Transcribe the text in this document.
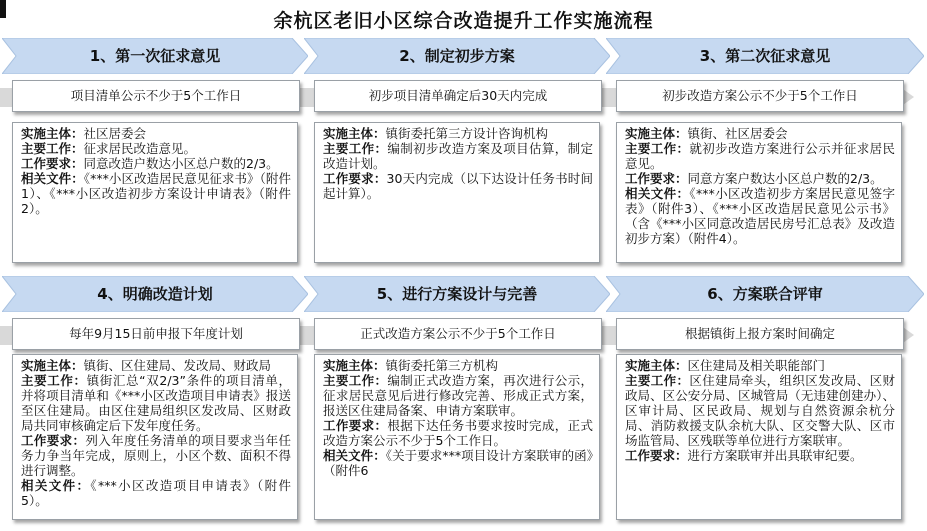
余杭区老旧小区综合改造提升工作实施流程
1、第一次征求意见	2、制定初步方案	3、第二次征求意见
项目清单公示不少于5个工作日	初步项目清单确定后30天内完成	初步改造方案公示不少于5个工作日

实施主体：社区居委会

主要工作：征求居民改造意见。

工作要求：同意改造户数达小区总户数的2/3。

相关文件：《***小区改造居民意见征求书》（附件1）、《***小区改造初步方案设计申请表》（附件2）。

实施主体：镇街委托第三方设计咨询机构

主要工作：编制初步改造方案及项目估算，制定改造计划。

工作要求：30天内完成（以下达设计任务书时间起计算）。

实施主体：镇街、社区居委会

主要工作：就初步改造方案进行公示并征求居民意见。

工作要求：同意方案户数达小区总户数的2/3。

相关文件：《***小区改造初步方案居民意见签字表》（附件3）、《***小区改造居民意见公示书》（含《***小区同意改造居民房号汇总表》及改造初步方案）（附件4）。

4、明确改造计划	5、进行方案设计与完善	6、方案联合评审
每年9月15日前申报下年度计划	正式改造方案公示不少于5个工作日	根据镇街上报方案时间确定

实施主体：镇街、区住建局、发改局、财政局

主要工作：镇街汇总“双2/3”条件的项目清单，并将项目清单和《***小区改造项目申请表》报送至区住建局。由区住建局组织区发改局、区财政局共同审核确定后下发年度任务。

工作要求：列入年度任务清单的项目要求当年任务力争当年完成，原则上，小区个数、面积不得进行调整。

相关文件：《***小区改造项目申请表》（附件5）。

实施主体：镇街委托第三方机构

主要工作：编制正式改造方案，再次进行公示，征求居民意见后进行修改完善、形成正式方案，报送区住建局备案、申请方案联审。

工作要求：根据下达任务书要求按时完成，正式改造方案公示不少于5个工作日。

相关文件：《关于要求***项目设计方案联审的函》（附件6

实施主体：区住建局及相关职能部门

主要工作：区住建局牵头，组织区发改局、区财政局、区公安分局、区城管局（无违建创建办）、区审计局、区民政局、规划与自然资源余杭分局、消防救援支队余杭大队、区交警大队、区市场监管局、区残联等单位进行方案联审。

工作要求：进行方案联审并出具联审纪要。
